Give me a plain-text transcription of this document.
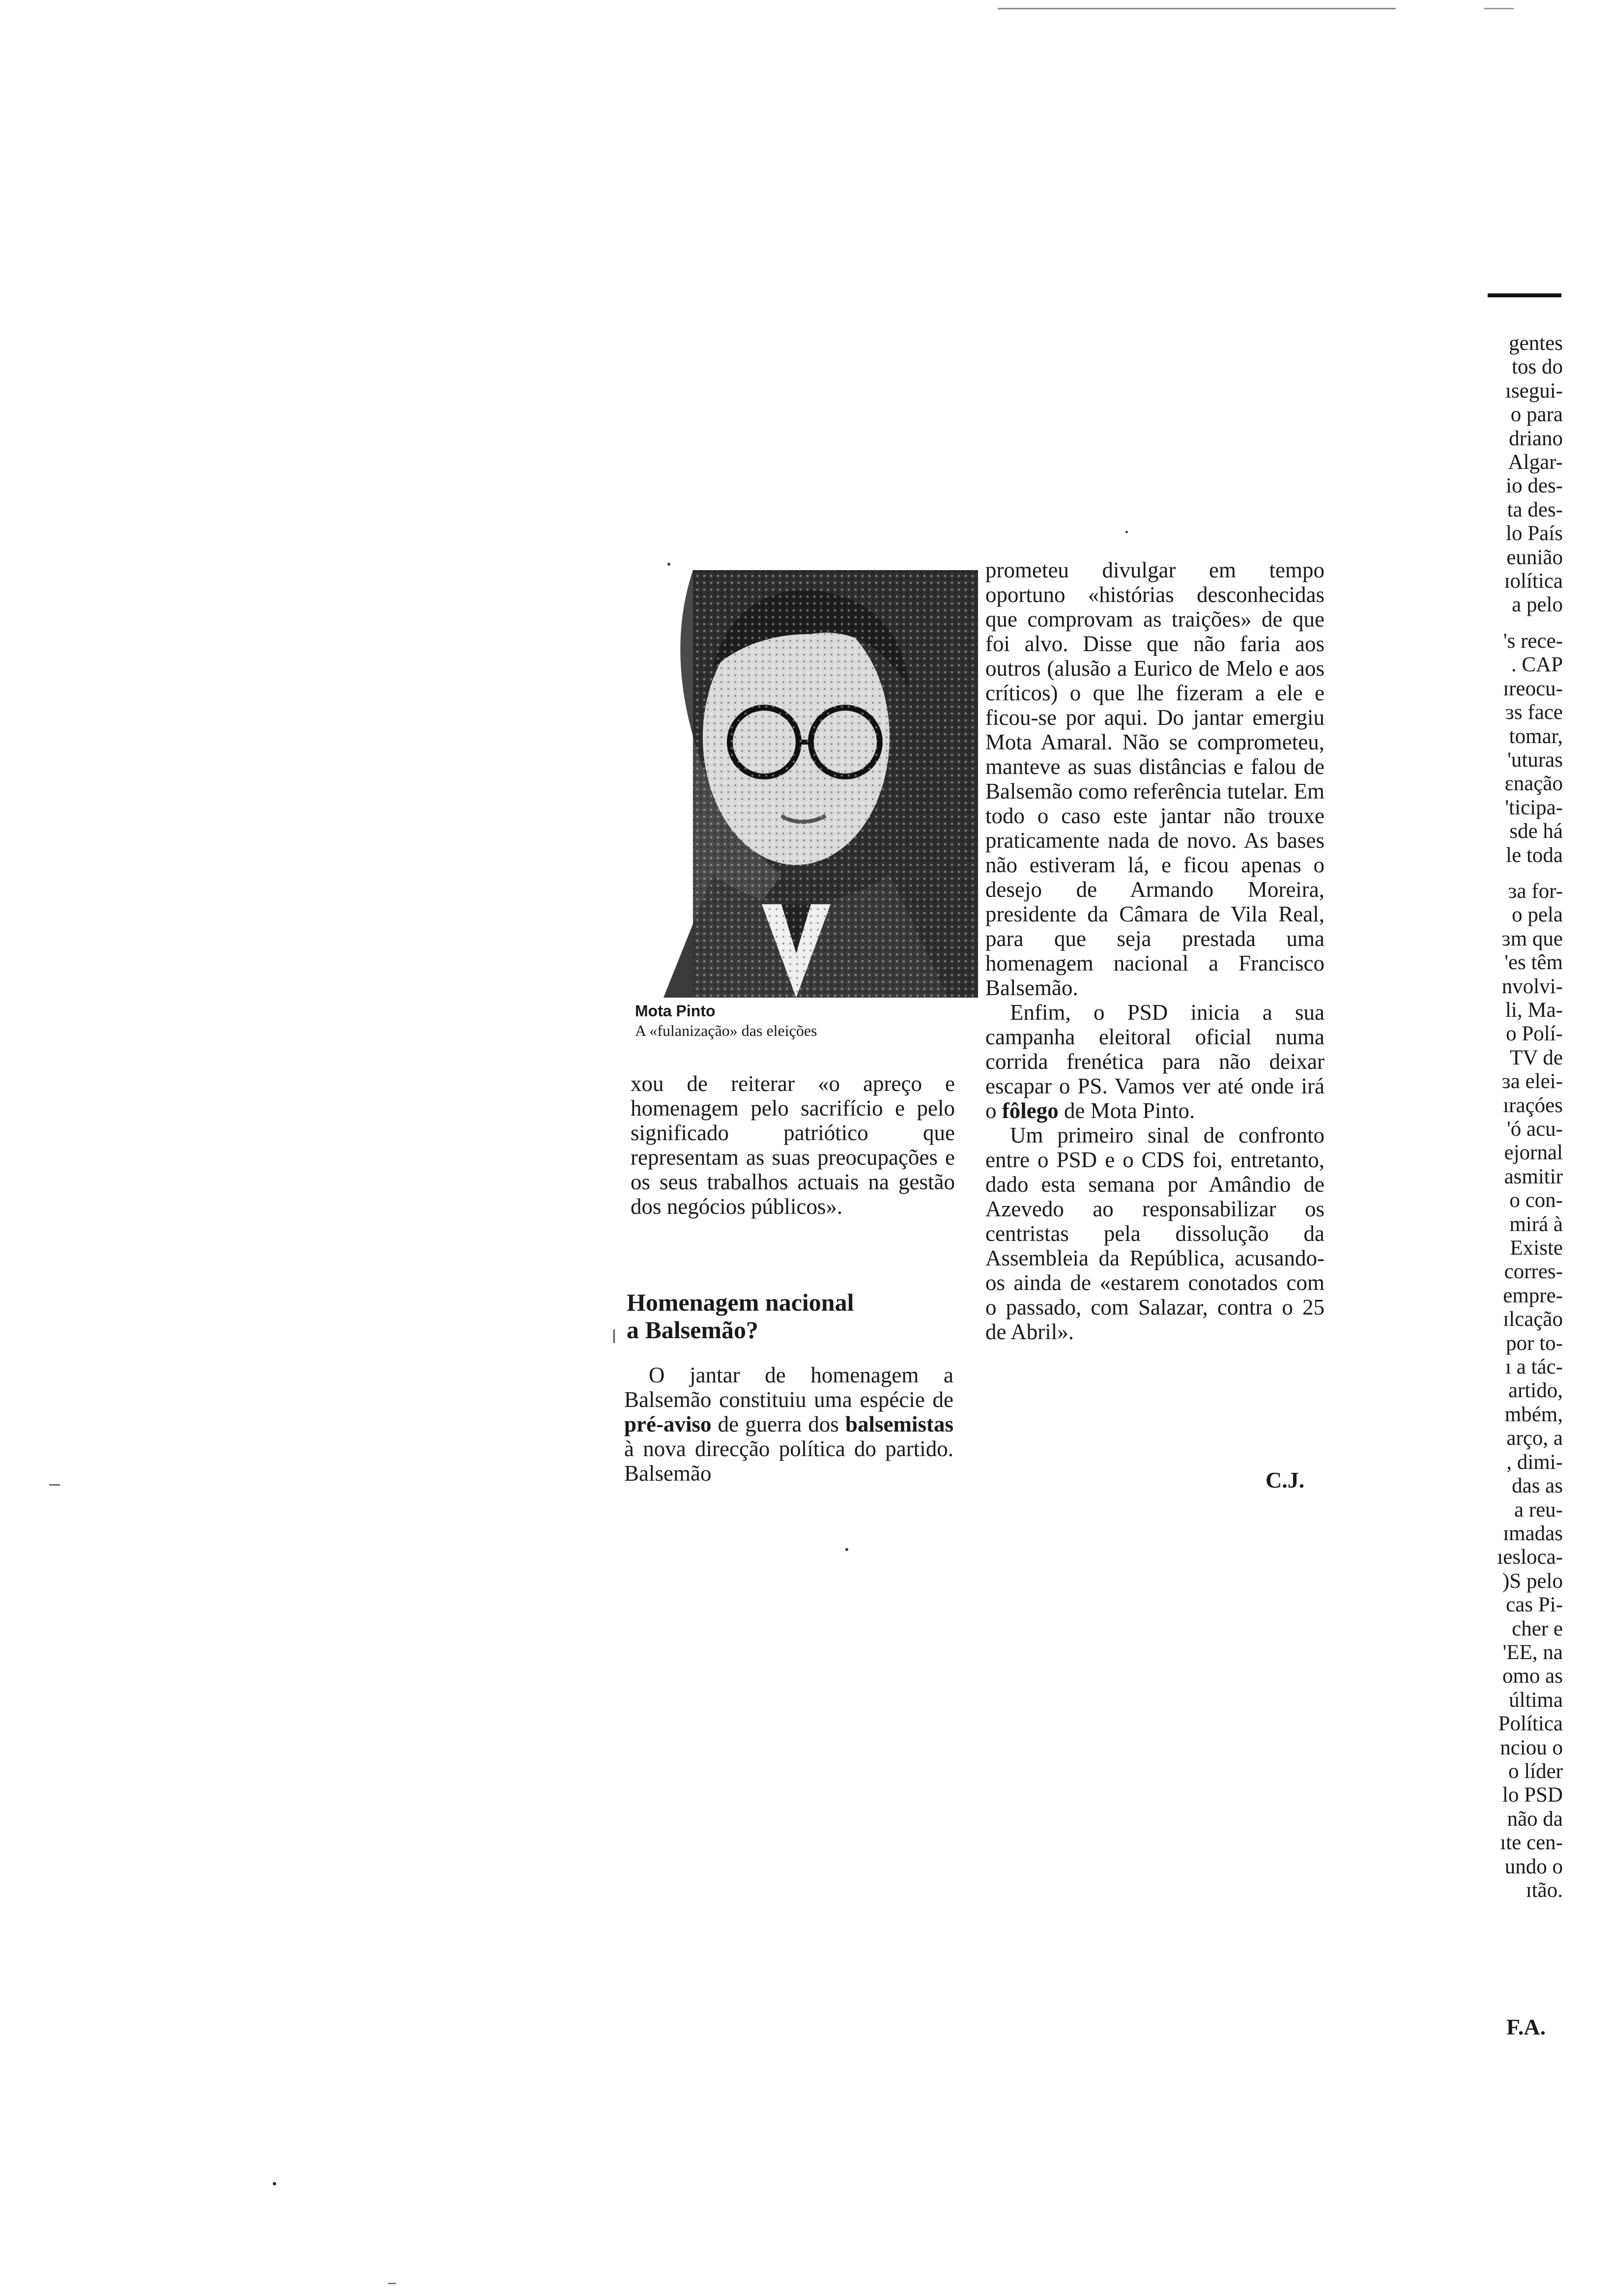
Mota Pinto
A «fulanização» das eleições

xou de reiterar «o apreço e homenagem pelo sacrifício e pelo significado patriótico que representam as suas preocupações e os seus trabalhos actuais na gestão dos negócios públicos».

Homenagem nacional
a Balsemão?

O jantar de homenagem a Balsemão constituiu uma espécie de pré-aviso de guerra dos balsemistas à nova direcção política do partido. Balsemão

prometeu divulgar em tempo oportuno «histórias desconhecidas que comprovam as traições» de que foi alvo. Disse que não faria aos outros (alusão a Eurico de Melo e aos críticos) o que lhe fizeram a ele e ficou-se por aqui. Do jantar emergiu Mota Amaral. Não se comprometeu, manteve as suas distâncias e falou de Balsemão como referência tutelar. Em todo o caso este jantar não trouxe praticamente nada de novo. As bases não estiveram lá, e ficou apenas o desejo de Armando Moreira, presidente da Câmara de Vila Real, para que seja prestada uma homenagem nacional a Francisco Balsemão.

Enfim, o PSD inicia a sua campanha eleitoral oficial numa corrida frenética para não deixar escapar o PS. Vamos ver até onde irá o fôlego de Mota Pinto.

Um primeiro sinal de confronto entre o PSD e o CDS foi, entretanto, dado esta semana por Amândio de Azevedo ao responsabilizar os centristas pela dissolução da Assembleia da República, acusando-os ainda de «estarem conotados com o passado, com Salazar, contra o 25 de Abril».

C.J.
gentes
tos do
ısegui-
o para
driano
Algar-
io des-
ta des-
lo País
eunião
ɪolítica
a pelo
's rece-
. CAP
ɪreocu-
ɜs face
tomar,
'uturas
ɛnação
'ticipa-
sde há
le toda
ɜa for-
o pela
ɜm que
'es têm
nvolvi-
li, Ma-
o Polí-
TV de
ɜa elei-
ıraçóes
'ó acu-
ejornal
asmitir
o con-
mirá à
Existe
corres-
empre-
ɪlcação
por to-
ı a tác-
artido,
mbém,
arço, a
, dimi-
das as
a reu-
ɪmadas
ıesloca-
)S pelo
cas Pi-
cher e
'EE, na
omo as
última
Política
nciou o
o líder
lo PSD
não da
ıte cen-
undo o
ɪtão.
F.A.
